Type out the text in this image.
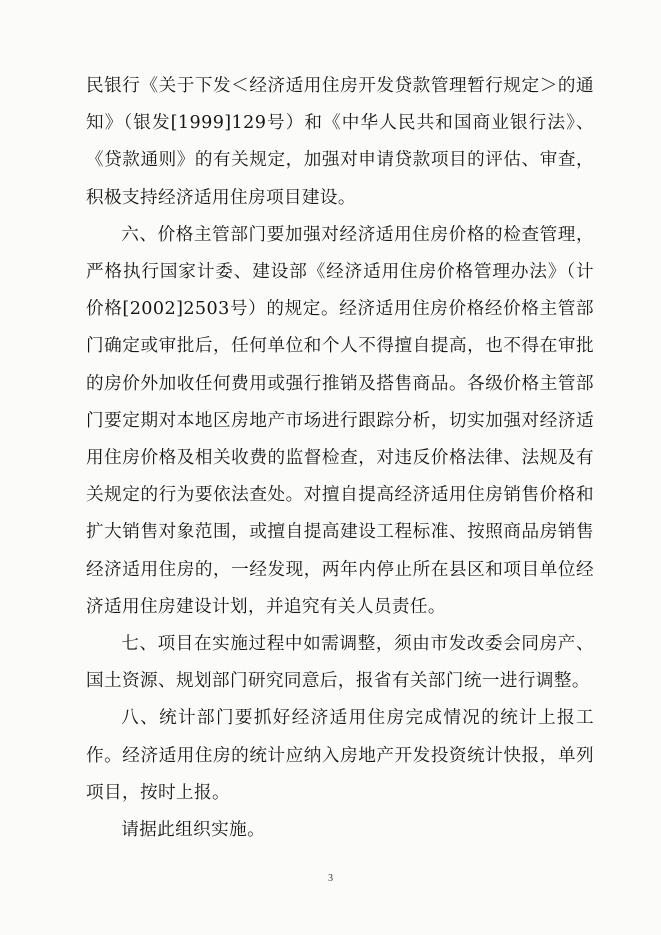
民银行《关于下发＜经济适用住房开发贷款管理暂行规定＞的通知》（银发[1999]129号）和《中华人民共和国商业银行法》、《贷款通则》的有关规定，加强对申请贷款项目的评估、审查，积极支持经济适用住房项目建设。

六、价格主管部门要加强对经济适用住房价格的检查管理，严格执行国家计委、建设部《经济适用住房价格管理办法》（计价格[2002]2503号）的规定。经济适用住房价格经价格主管部门确定或审批后，任何单位和个人不得擅自提高，也不得在审批的房价外加收任何费用或强行推销及搭售商品。各级价格主管部门要定期对本地区房地产市场进行跟踪分析，切实加强对经济适用住房价格及相关收费的监督检查，对违反价格法律、法规及有关规定的行为要依法查处。对擅自提高经济适用住房销售价格和扩大销售对象范围，或擅自提高建设工程标准、按照商品房销售经济适用住房的，一经发现，两年内停止所在县区和项目单位经济适用住房建设计划，并追究有关人员责任。

七、项目在实施过程中如需调整，须由市发改委会同房产、国土资源、规划部门研究同意后，报省有关部门统一进行调整。

八、统计部门要抓好经济适用住房完成情况的统计上报工作。经济适用住房的统计应纳入房地产开发投资统计快报，单列项目，按时上报。

请据此组织实施。

3
